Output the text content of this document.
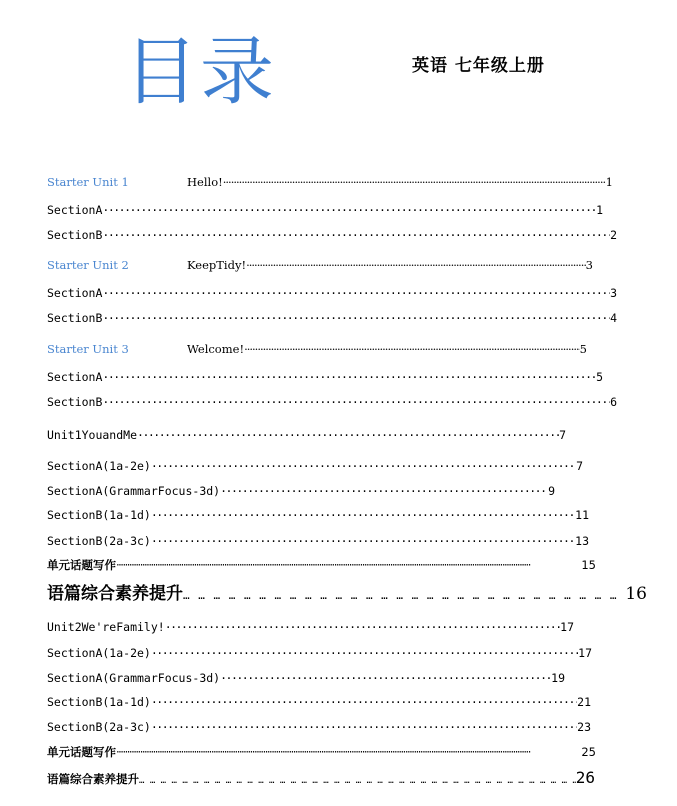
目录	英语 七年级上册
Starter Unit 1	Hello! ·····	1
SectionA ·····	1
SectionB ·····	2
Starter Unit 2	KeepTidy! ·····	3
SectionA ·····	3
SectionB ·····	4
Starter Unit 3	Welcome! ·····	5
SectionA ·····	5
SectionB ·····	6
Unit1YouandMe ·····	7
SectionA(1a-2e) ·····	7
SectionA(GrammarFocus-3d) ·····	9
SectionB(1a-1d) ·····	11
SectionB(2a-3c) ·····	13
单元话题写作 ·····	15
语篇综合素养提升 … … … … … … … … … … … … … … … … … … … … … … … … … … … … … … … … … … … … … … … … … … …	16
Unit2We'reFamily! ·····	17
SectionA(1a-2e) ·····	17
SectionA(GrammarFocus-3d) ·····	19
SectionB(1a-1d) ·····	21
SectionB(2a-3c) ·····	23
单元话题写作 ·····	25
语篇综合素养提升 … … … … … … … … … … … … … … … … … … … … … … … … … … … … … … … … … … … … … … … … … …	26
